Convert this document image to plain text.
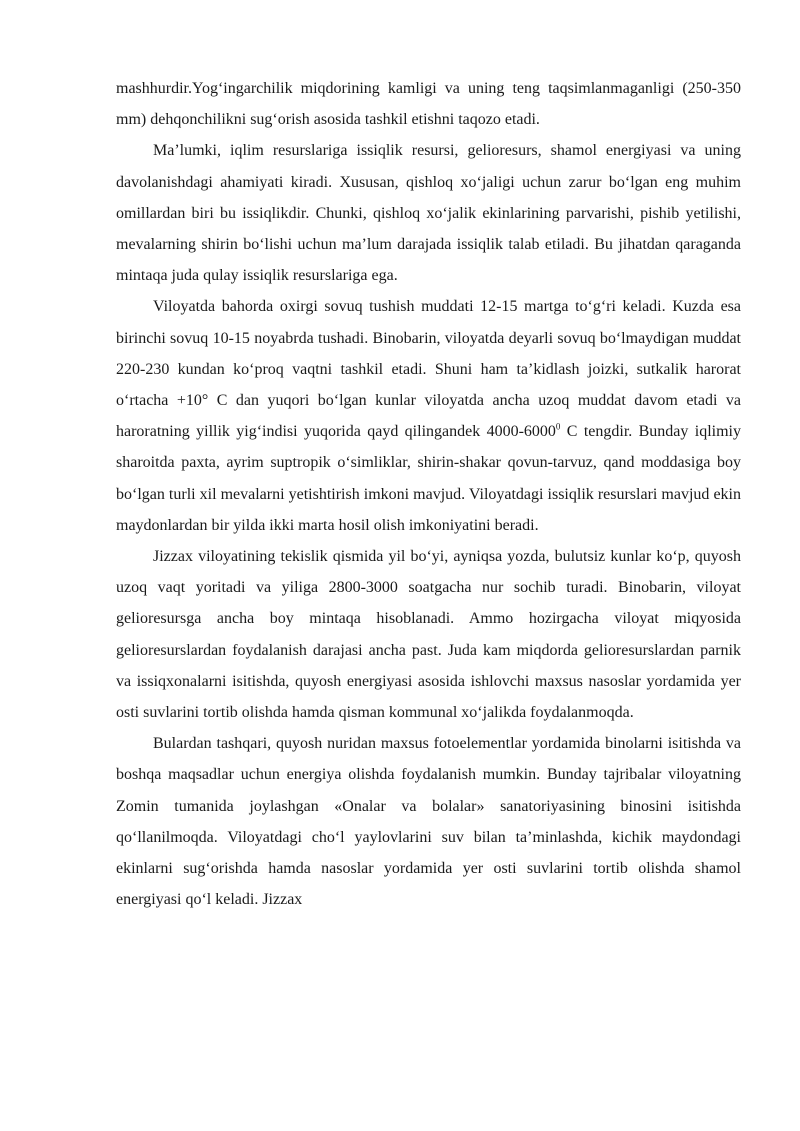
mashhurdir.Yog‘ingarchilik miqdorining kamligi va uning teng taqsimlanmaganligi (250-350 mm) dehqonchilikni sug‘orish asosida tashkil etishni taqozo etadi.

Ma’lumki, iqlim resurslariga issiqlik resursi, gelioresurs, shamol energiyasi va uning davolanishdagi ahamiyati kiradi. Xususan, qishloq xo‘jaligi uchun zarur bo‘lgan eng muhim omillardan biri bu issiqlikdir. Chunki, qishloq xo‘jalik ekinlarining parvarishi, pishib yetilishi, mevalarning shirin bo‘lishi uchun ma’lum darajada issiqlik talab etiladi. Bu jihatdan qaraganda mintaqa juda qulay issiqlik resurslariga ega.

Viloyatda bahorda oxirgi sovuq tushish muddati 12-15 martga to‘g‘ri keladi. Kuzda esa birinchi sovuq 10-15 noyabrda tushadi. Binobarin, viloyatda deyarli sovuq bo‘lmaydigan muddat 220-230 kundan ko‘proq vaqtni tashkil etadi. Shuni ham ta’kidlash joizki, sutkalik harorat o‘rtacha +10° C dan yuqori bo‘lgan kunlar viloyatda ancha uzoq muddat davom etadi va haroratning yillik yig‘indisi yuqorida qayd qilingandek 4000-6000$^0$ C tengdir. Bunday iqlimiy sharoitda paxta, ayrim suptropik o‘simliklar, shirin-shakar qovun-tarvuz, qand moddasiga boy bo‘lgan turli xil mevalarni yetishtirish imkoni mavjud. Viloyatdagi issiqlik resurslari mavjud ekin maydonlardan bir yilda ikki marta hosil olish imkoniyatini beradi.

Jizzax viloyatining tekislik qismida yil bo‘yi, ayniqsa yozda, bulutsiz kunlar ko‘p, quyosh uzoq vaqt yoritadi va yiliga 2800-3000 soatgacha nur sochib turadi. Binobarin, viloyat gelioresursga ancha boy mintaqa hisoblanadi. Ammo hozirgacha viloyat miqyosida gelioresurslardan foydalanish darajasi ancha past. Juda kam miqdorda gelioresurslardan parnik va issiqxonalarni isitishda, quyosh energiyasi asosida ishlovchi maxsus nasoslar yordamida yer osti suvlarini tortib olishda hamda qisman kommunal xo‘jalikda foydalanmoqda.

Bulardan tashqari, quyosh nuridan maxsus fotoelementlar yordamida binolarni isitishda va boshqa maqsadlar uchun energiya olishda foydalanish mumkin. Bunday tajribalar viloyatning Zomin tumanida joylashgan «Onalar va bolalar» sanatoriyasining binosini isitishda qo‘llanilmoqda. Viloyatdagi cho‘l yaylovlarini suv bilan ta’minlashda, kichik maydondagi ekinlarni sug‘orishda hamda nasoslar yordamida yer osti suvlarini tortib olishda shamol energiyasi qo‘l keladi. Jizzax
